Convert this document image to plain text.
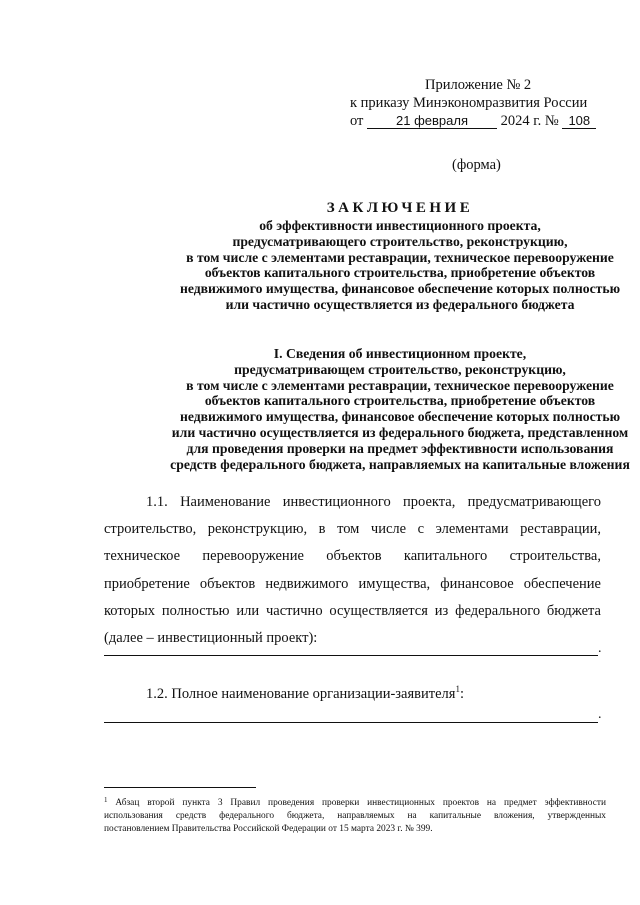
Приложение № 2
к приказу Минэкономразвития России
от	21 февраля 2024 г. № 108
(форма)
ЗАКЛЮЧЕНИЕ
об эффективности инвестиционного проекта,
предусматривающего строительство, реконструкцию,
в том числе с элементами реставрации, техническое перевооружение
объектов капитального строительства, приобретение объектов
недвижимого имущества, финансовое обеспечение которых полностью
или частично осуществляется из федерального бюджета
I. Сведения об инвестиционном проекте,
предусматривающем строительство, реконструкцию,
в том числе с элементами реставрации, техническое перевооружение
объектов капитального строительства, приобретение объектов
недвижимого имущества, финансовое обеспечение которых полностью
или частично осуществляется из федерального бюджета, представленном
для проведения проверки на предмет эффективности использования
средств федерального бюджета, направляемых на капитальные вложения
1.1. Наименование инвестиционного проекта, предусматривающего
строительство, реконструкцию, в том числе с элементами реставрации,
техническое перевооружение объектов капитального строительства,
приобретение объектов недвижимого имущества, финансовое обеспечение
которых полностью или частично осуществляется из федерального бюджета
(далее – инвестиционный проект):
.
1.2. Полное наименование организации-заявителя$^1$:
.
$^1$ Абзац второй пункта 3 Правил проведения проверки инвестиционных проектов на предмет эффективности
использования средств федерального бюджета, направляемых на капитальные вложения, утвержденных
постановлением Правительства Российской Федерации от 15 марта 2023 г. № 399.
